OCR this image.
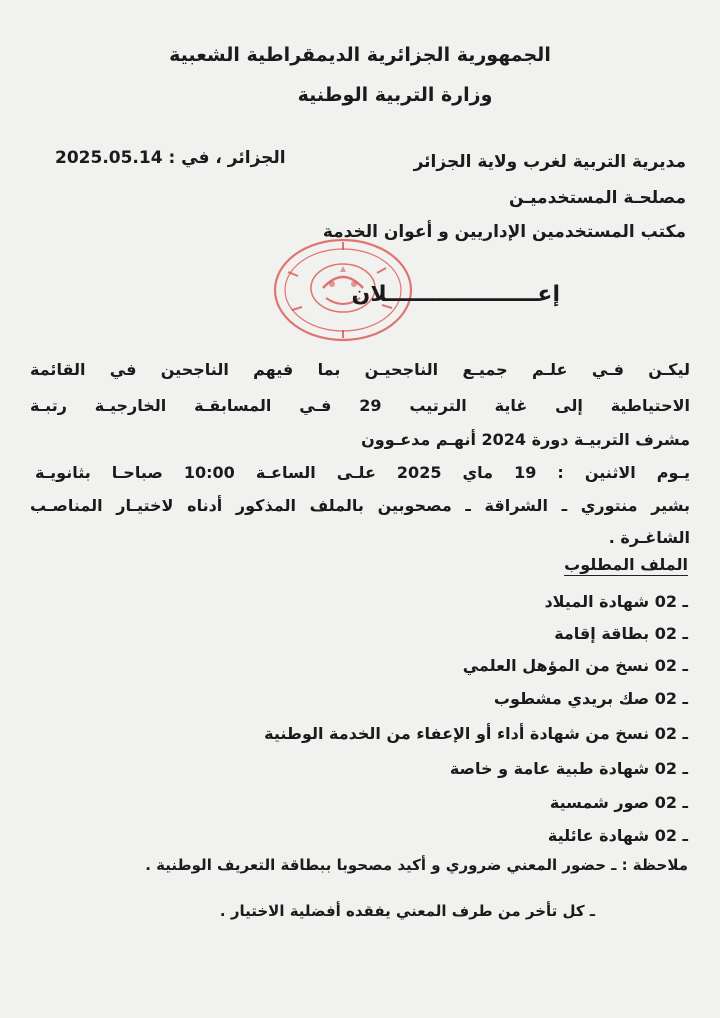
الجمهورية الجزائرية الديمقراطية الشعبية
وزارة التربية الوطنية
مديرية التربية لغرب ولاية الجزائر
مصلحـة المستخدميـن
مكتب المستخدمين الإداريين و أعوان الخدمة
الجزائر ، في : 2025.05.14
إعــــــــــــــــــــلان
ليكـن فـي علـم جميـع الناجحيـن بما فيهم الناجحين في القائمة
الاحتياطية إلى غاية الترتيب 29 فـي المسابقـة الخارجيـة رتبـة
مشرف التربيـة دورة 2024 أنهـم مدعـوون
يـوم الاثنين : 19 ماي 2025 علـى الساعـة 10:00 صباحـا بثانويـة
بشير منتوري ـ الشراقة ـ مصحوبين بالملف المذكور أدناه لاختيـار المناصـب
الشاغـرة .
الملف المطلوب
ـ 02 شهادة الميلاد
ـ 02 بطاقة إقامة
ـ 02 نسخ من المؤهل العلمي
ـ 02 صك بريدي مشطوب
ـ 02 نسخ من شهادة أداء أو الإعفاء من الخدمة الوطنية
ـ 02 شهادة طبية عامة و خاصة
ـ 02 صور شمسية
ـ 02 شهادة عائلية
ملاحظة : ـ حضور المعني ضروري و أكيد مصحوبا ببطاقة التعريف الوطنية .
ـ كل تأخر من طرف المعني يفقده أفضلية الاختيار .
